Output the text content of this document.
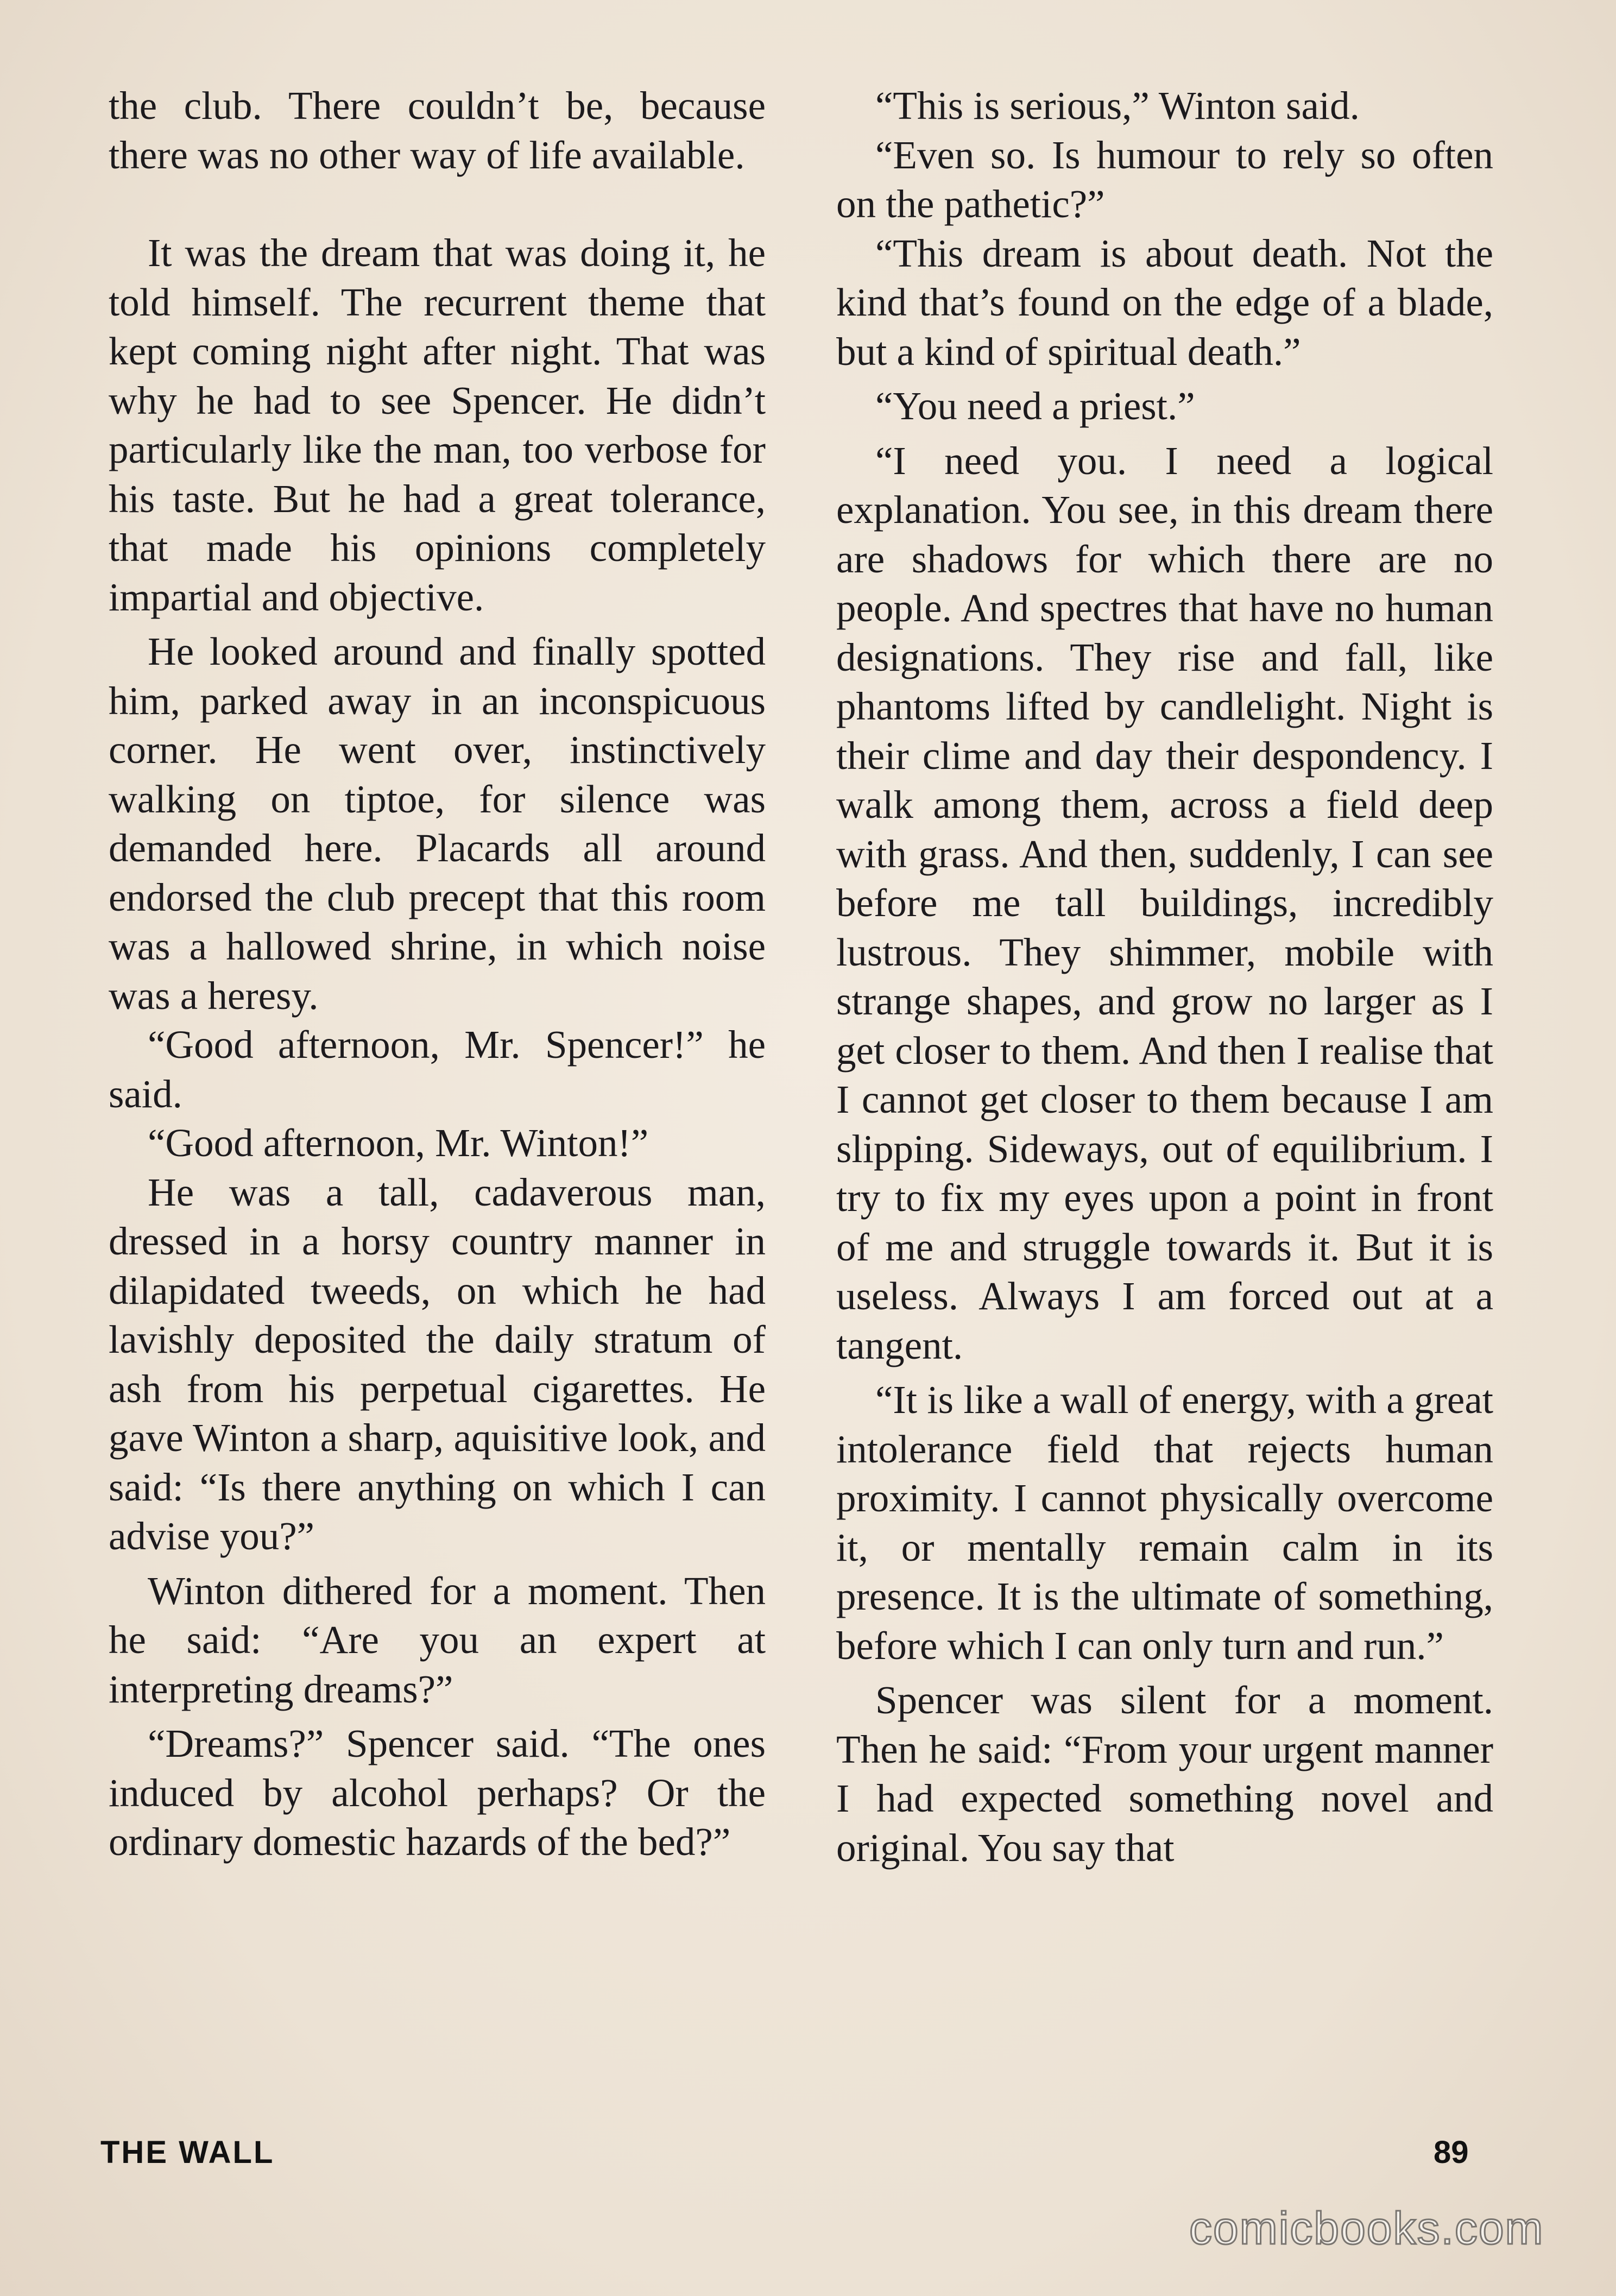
the club. There couldn’t be, because there was no other way of life available.

It was the dream that was doing it, he told himself. The recurrent theme that kept coming night after night. That was why he had to see Spencer. He didn’t particularly like the man, too verbose for his taste. But he had a great tolerance, that made his opinions completely impartial and objective.

He looked around and finally spotted him, parked away in an inconspicuous corner. He went over, instinctively walking on tiptoe, for silence was demanded here. Placards all around endorsed the club precept that this room was a hallowed shrine, in which noise was a heresy.

“Good afternoon, Mr. Spencer!” he said.

“Good afternoon, Mr. Winton!”

He was a tall, cadaverous man, dressed in a horsy country manner in dilapidated tweeds, on which he had lavishly deposited the daily stratum of ash from his perpetual cigarettes. He gave Winton a sharp, aquisitive look, and said: “Is there anything on which I can advise you?”

Winton dithered for a moment. Then he said: “Are you an expert at interpreting dreams?”

“Dreams?” Spencer said. “The ones induced by alcohol perhaps? Or the ordinary domestic hazards of the bed?”

“This is serious,” Winton said.

“Even so. Is humour to rely so often on the pathetic?”

“This dream is about death. Not the kind that’s found on the edge of a blade, but a kind of spiritual death.”

“You need a priest.”

“I need you. I need a logical explanation. You see, in this dream there are shadows for which there are no people. And spectres that have no human designations. They rise and fall, like phantoms lifted by candlelight. Night is their clime and day their despondency. I walk among them, across a field deep with grass. And then, suddenly, I can see before me tall buildings, incredibly lustrous. They shimmer, mobile with strange shapes, and grow no larger as I get closer to them. And then I realise that I cannot get closer to them because I am slipping. Sideways, out of equilibrium. I try to fix my eyes upon a point in front of me and struggle towards it. But it is useless. Always I am forced out at a tangent.

“It is like a wall of energy, with a great intolerance field that rejects human proximity. I cannot physically overcome it, or mentally remain calm in its presence. It is the ultimate of something, before which I can only turn and run.”

Spencer was silent for a moment. Then he said: “From your urgent manner I had expected something novel and original. You say that

THE WALL	89
comicbooks.com
